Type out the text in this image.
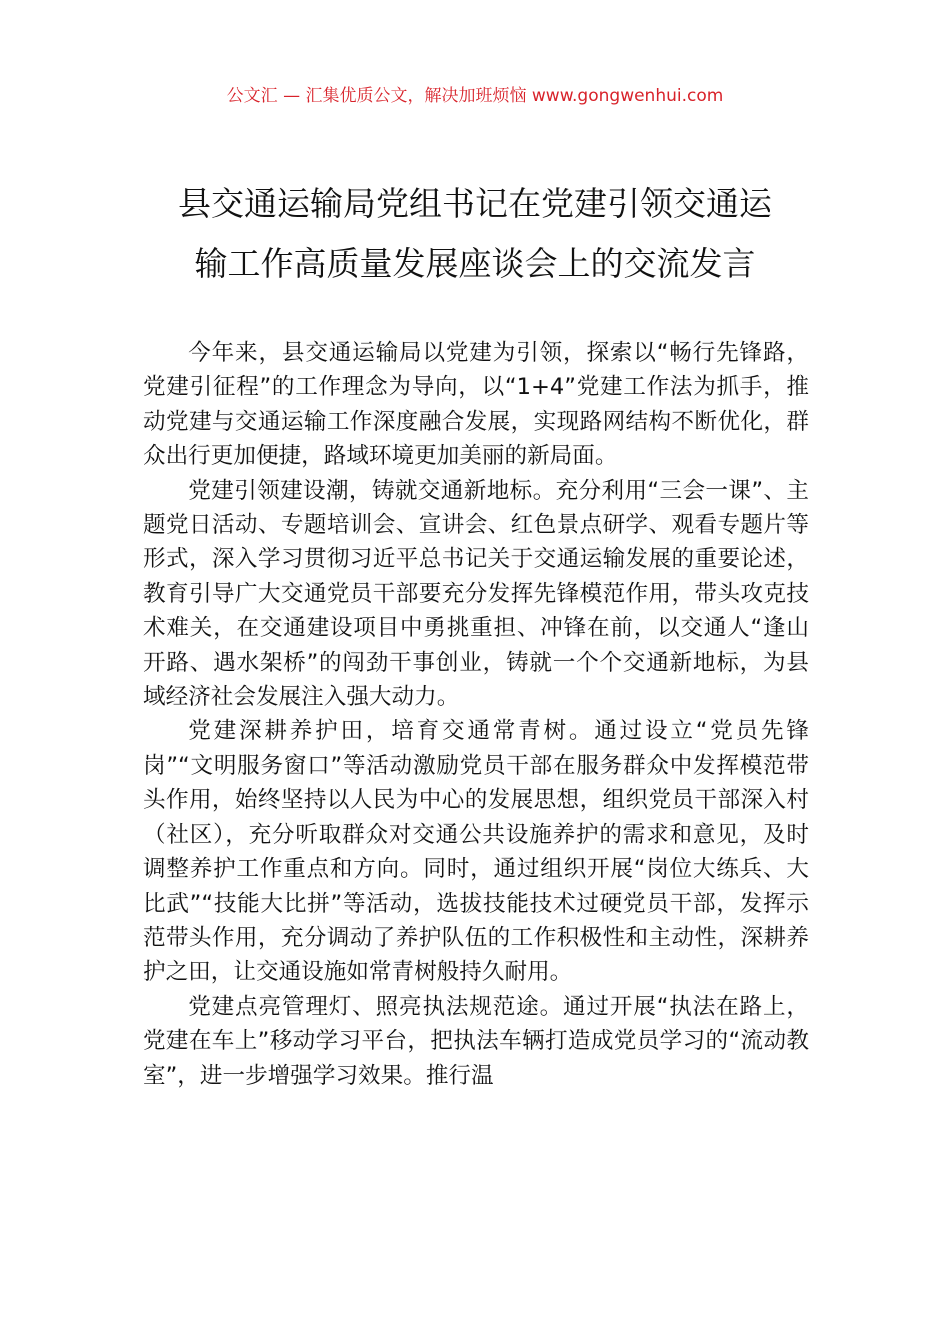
公文汇 — 汇集优质公文，解决加班烦恼 www.gongwenhui.com
县交通运输局党组书记在党建引领交通运
输工作高质量发展座谈会上的交流发言

今年来，县交通运输局以党建为引领，探索以“畅行先锋路，党建引征程”的工作理念为导向，以“1+4”党建工作法为抓手，推动党建与交通运输工作深度融合发展，实现路网结构不断优化，群众出行更加便捷，路域环境更加美丽的新局面。

党建引领建设潮，铸就交通新地标。充分利用“三会一课”、主题党日活动、专题培训会、宣讲会、红色景点研学、观看专题片等形式，深入学习贯彻习近平总书记关于交通运输发展的重要论述，教育引导广大交通党员干部要充分发挥先锋模范作用，带头攻克技术难关，在交通建设项目中勇挑重担、冲锋在前，以交通人“逢山开路、遇水架桥”的闯劲干事创业，铸就一个个交通新地标，为县域经济社会发展注入强大动力。

党建深耕养护田，培育交通常青树。通过设立“党员先锋岗”“文明服务窗口”等活动激励党员干部在服务群众中发挥模范带头作用，始终坚持以人民为中心的发展思想，组织党员干部深入村（社区），充分听取群众对交通公共设施养护的需求和意见，及时调整养护工作重点和方向。同时，通过组织开展“岗位大练兵、大比武”“技能大比拼”等活动，选拔技能技术过硬党员干部，发挥示范带头作用，充分调动了养护队伍的工作积极性和主动性，深耕养护之田，让交通设施如常青树般持久耐用。

党建点亮管理灯、照亮执法规范途。通过开展“执法在路上，党建在车上”移动学习平台，把执法车辆打造成党员学习的“流动教室”，进一步增强学习效果。推行温
